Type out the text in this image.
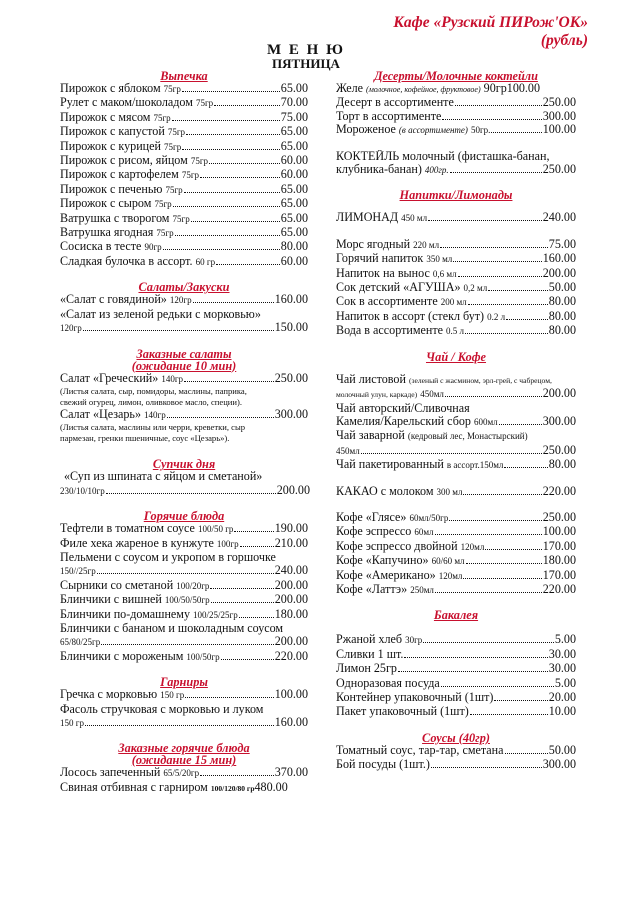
Кафе «Рузский ПИРож'ОК»
(рубль)
М Е Н Ю
ПЯТНИЦА
Выпечка
Пирожок с яблоком 75гр	65.00
Рулет с маком/шоколадом 75гр	70.00
Пирожок с мясом 75гр	75.00
Пирожок с капустой 75гр	65.00
Пирожок с курицей 75гр	65.00
Пирожок с рисом, яйцом 75гр	60.00
Пирожок с картофелем 75гр	60.00
Пирожок с печенью 75гр	65.00
Пирожок с сыром 75гр	65.00
Ватрушка с творогом 75гр	65.00
Ватрушка ягодная 75гр	65.00
Сосиска в тесте 90гр	80.00
Сладкая булочка в ассорт. 60 гр	60.00
Салаты/Закуски
«Салат с говядиной» 120гр	160.00
«Салат из зеленой редьки с морковью»
120гр	150.00
Заказные салаты
(ожидание 10 мин)
Салат «Греческий» 140гр	250.00
(Листья салата, сыр, помидоры, маслины, паприка,
свежий огурец, лимон, оливковое масло, специи).
Салат «Цезарь» 140гр	300.00
(Листья салата, маслины или черри, креветки, сыр
пармезан, гренки пшеничные, соус «Цезарь»).
Супчик дня
«Суп из шпината с яйцом и сметаной»
230/10/10гр	200.00
Горячие блюда
Тефтели в томатном соусе 100/50 гр	190.00
Филе хека жареное в кунжуте 100гр	210.00
Пельмени с соусом и укропом в горшочке
150//25гр	240.00
Сырники со сметаной 100/20гр	200.00
Блинчики с вишней 100/50/50гр	200.00
Блинчики по-домашнему 100/25/25гр	180.00
Блинчики с бананом и шоколадным соусом
65/80/25гр	200.00
Блинчики с мороженым 100/50гр	220.00
Гарниры
Гречка с морковью 150 гр	100.00
Фасоль стручковая с морковью и луком
150 гр	160.00
Заказные горячие блюда
(ожидание 15 мин)
Лосось запеченный 65/5/20гр	370.00
Свиная отбивная с гарниром 100/120/80 гр 480.00
Десерты/Молочные коктейли
Желе (молочное, кофейное, фруктовое) 90гр 100.00
Десерт в ассортименте	250.00
Торт в ассортименте	300.00
Мороженое (в ассортименте) 50гр.	100.00
КОКТЕЙЛЬ молочный (фисташка-банан,
клубника-банан) 400гр.	250.00
Напитки/Лимонады
ЛИМОНАД 450 мл	240.00
Морс ягодный 220 мл	75.00
Горячий напиток 350 мл	160.00
Напиток на вынос 0,6 мл	200.00
Сок детский «АГУША» 0,2 мл	50.00
Сок в ассортименте 200 мл	80.00
Напиток в ассорт (стекл бут) 0.2 л	80.00
Вода в ассортименте 0.5 л	80.00
Чай / Кофе
Чай листовой (зеленый с жасмином, эрл-грей, с чабрецом,
молочный улун, каркаде) 450мл	200.00
Чай авторский/Сливочная
Камелия/Карельский сбор 600мл	300.00
Чай заварной (кедровый лес, Монастырский)
450мл	250.00
Чай пакетированный в ассорт.150мл	80.00
КАКАО с молоком 300 мл	220.00
Кофе «Глясе» 60мл/50гр	250.00
Кофе эспрессо 60мл	100.00
Кофе эспрессо двойной 120мл	170.00
Кофе «Капучино» 60/60 мл	180.00
Кофе «Американо» 120мл	170.00
Кофе «Латтэ» 250мл	220.00
Бакалея
Ржаной хлеб 30гр	5.00
Сливки 1 шт.	30.00
Лимон 25гр	30.00
Одноразовая посуда	5.00
Контейнер упаковочный (1шт)	20.00
Пакет упаковочный (1шт)	10.00
Соусы (40гр)
Томатный соус, тар-тар, сметана	50.00
Бой посуды (1шт.)	300.00
